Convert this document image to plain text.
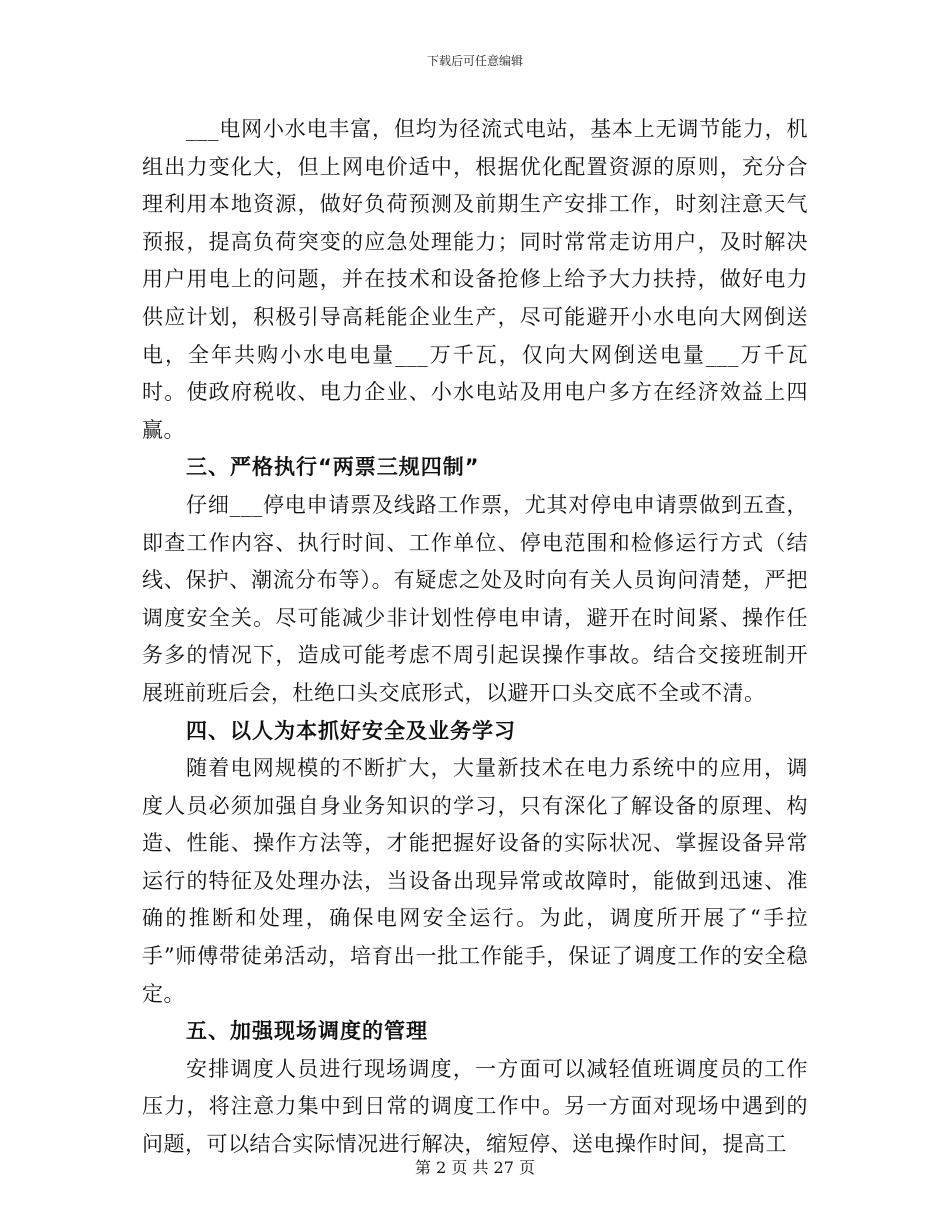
下载后可任意编辑

___电网小水电丰富，但均为径流式电站，基本上无调节能力，机组出力变化大，但上网电价适中，根据优化配置资源的原则，充分合理利用本地资源，做好负荷预测及前期生产安排工作，时刻注意天气预报，提高负荷突变的应急处理能力；同时常常走访用户，及时解决用户用电上的问题，并在技术和设备抢修上给予大力扶持，做好电力供应计划，积极引导高耗能企业生产，尽可能避开小水电向大网倒送电，全年共购小水电电量___万千瓦，仅向大网倒送电量___万千瓦时。使政府税收、电力企业、小水电站及用电户多方在经济效益上四赢。

三、严格执行“两票三规四制”

仔细___停电申请票及线路工作票，尤其对停电申请票做到五查，即查工作内容、执行时间、工作单位、停电范围和检修运行方式（结线、保护、潮流分布等）。有疑虑之处及时向有关人员询问清楚，严把调度安全关。尽可能减少非计划性停电申请，避开在时间紧、操作任务多的情况下，造成可能考虑不周引起误操作事故。结合交接班制开展班前班后会，杜绝口头交底形式，以避开口头交底不全或不清。

四、以人为本抓好安全及业务学习

随着电网规模的不断扩大，大量新技术在电力系统中的应用，调度人员必须加强自身业务知识的学习，只有深化了解设备的原理、构造、性能、操作方法等，才能把握好设备的实际状况、掌握设备异常运行的特征及处理办法，当设备出现异常或故障时，能做到迅速、准确的推断和处理，确保电网安全运行。为此，调度所开展了“手拉手”师傅带徒弟活动，培育出一批工作能手，保证了调度工作的安全稳定。

五、加强现场调度的管理

安排调度人员进行现场调度，一方面可以减轻值班调度员的工作压力，将注意力集中到日常的调度工作中。另一方面对现场中遇到的问题，可以结合实际情况进行解决，缩短停、送电操作时间，提高工

第 2 页 共 27 页
